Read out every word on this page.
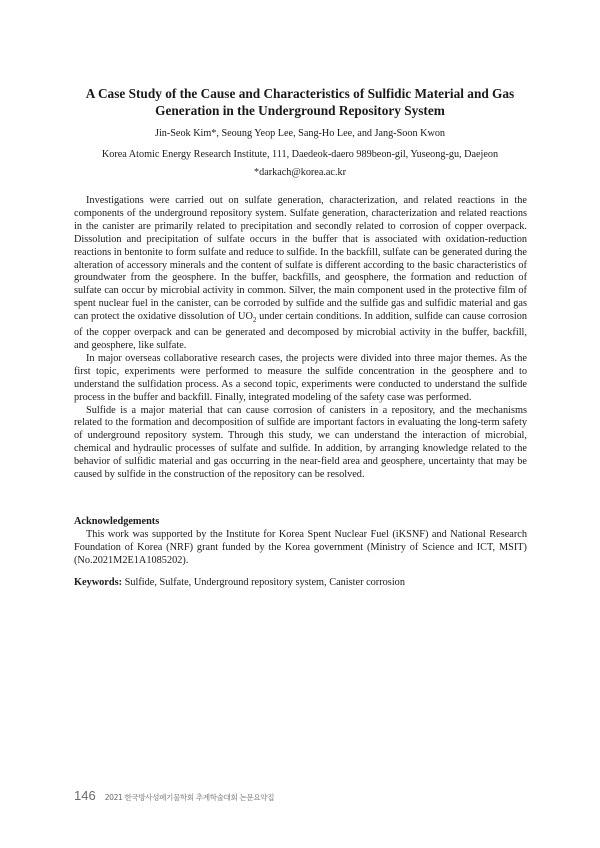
A Case Study of the Cause and Characteristics of Sulfidic Material and Gas
Generation in the Underground Repository System

Jin-Seok Kim*, Seoung Yeop Lee, Sang-Ho Lee, and Jang-Soon Kwon

Korea Atomic Energy Research Institute, 111, Daedeok-daero 989beon-gil, Yuseong-gu, Daejeon

*darkach@korea.ac.kr

Investigations were carried out on sulfate generation, characterization, and related reactions in the components of the underground repository system. Sulfate generation, characterization and related reactions in the canister are primarily related to precipitation and secondly related to corrosion of copper overpack. Dissolution and precipitation of sulfate occurs in the buffer that is associated with oxidation-reduction reactions in bentonite to form sulfate and reduce to sulfide. In the backfill, sulfate can be generated during the alteration of accessory minerals and the content of sulfate is different according to the basic characteristics of groundwater from the geosphere. In the buffer, backfills, and geosphere, the formation and reduction of sulfate can occur by microbial activity in common. Silver, the main component used in the protective film of spent nuclear fuel in the canister, can be corroded by sulfide and the sulfide gas and sulfidic material and gas can protect the oxidative dissolution of $UO_2$ under certain conditions. In addition, sulfide can cause corrosion of the copper overpack and can be generated and decomposed by microbial activity in the buffer, backfill, and geosphere, like sulfate.

In major overseas collaborative research cases, the projects were divided into three major themes. As the first topic, experiments were performed to measure the sulfide concentration in the geosphere and to understand the sulfidation process. As a second topic, experiments were conducted to understand the sulfide process in the buffer and backfill. Finally, integrated modeling of the safety case was performed.

Sulfide is a major material that can cause corrosion of canisters in a repository, and the mechanisms related to the formation and decomposition of sulfide are important factors in evaluating the long-term safety of underground repository system. Through this study, we can understand the interaction of microbial, chemical and hydraulic processes of sulfate and sulfide. In addition, by arranging knowledge related to the behavior of sulfidic material and gas occurring in the near-field area and geosphere, uncertainty that may be caused by sulfide in the construction of the repository can be resolved.

Acknowledgements

This work was supported by the Institute for Korea Spent Nuclear Fuel (iKSNF) and National Research Foundation of Korea (NRF) grant funded by the Korea government (Ministry of Science and ICT, MSIT) (No.2021M2E1A1085202).

Keywords: Sulfide, Sulfate, Underground repository system, Canister corrosion

146 2021 한국방사성폐기물학회 추계학술대회 논문요약집
